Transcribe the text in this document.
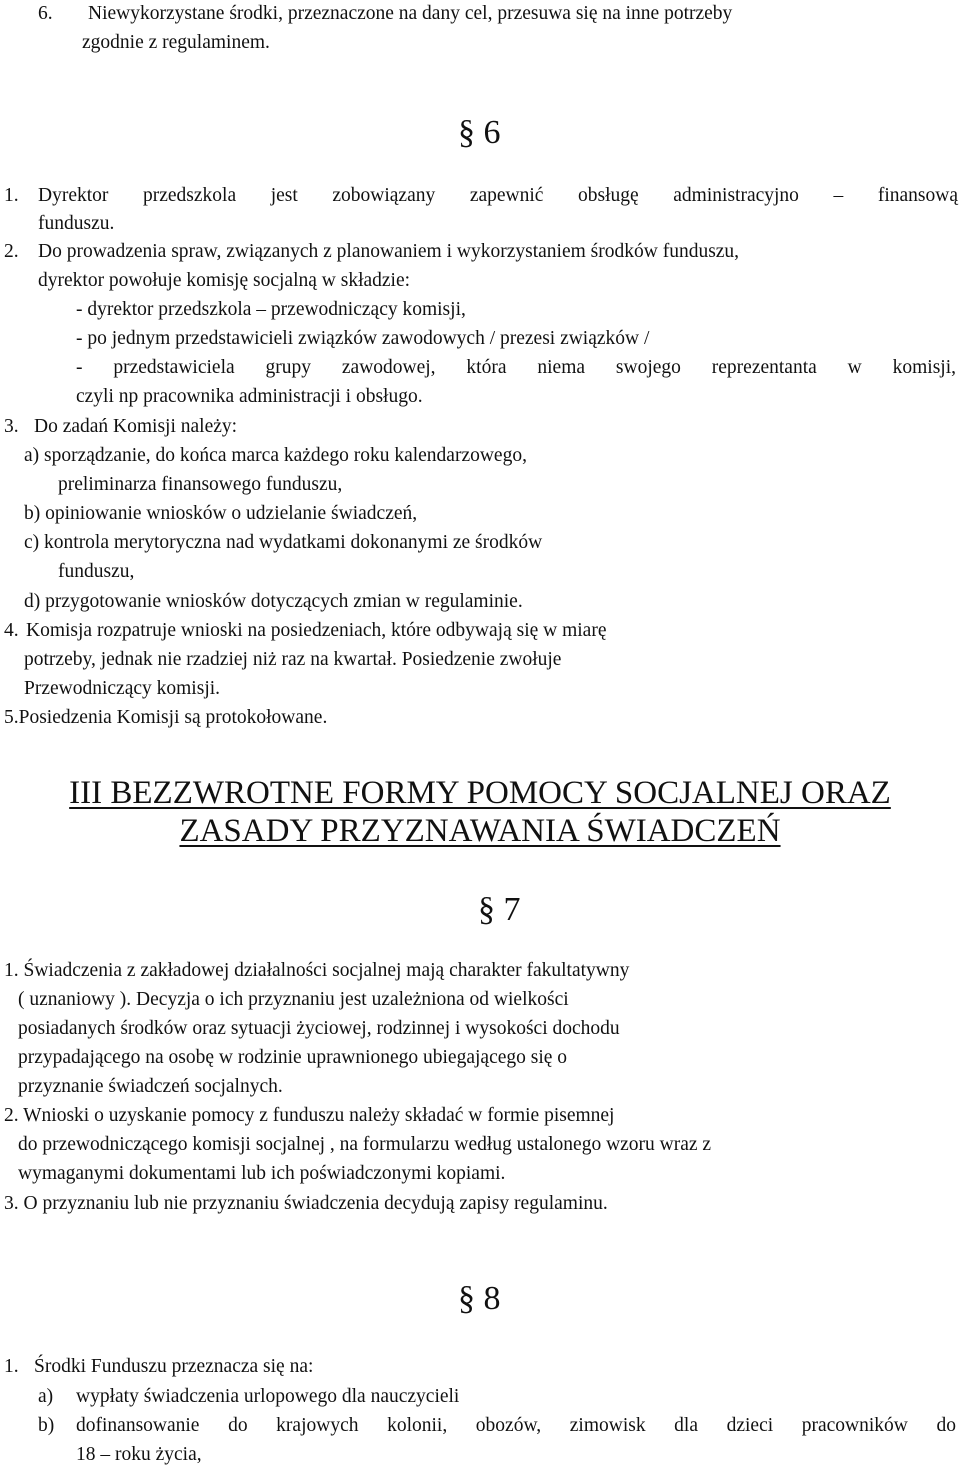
6. Niewykorzystane środki, przeznaczone na dany cel, przesuwa się na inne potrzeby
zgodnie z regulaminem.
§ 6
1. Dyrektor przedszkola jest zobowiązany zapewnić obsługę administracyjno – finansową
funduszu.
2. Do prowadzenia spraw, związanych z planowaniem i wykorzystaniem środków funduszu,
dyrektor powołuje komisję socjalną w składzie:
- dyrektor przedszkola – przewodniczący komisji,
- po jednym przedstawicieli związków zawodowych / prezesi związków /
- przedstawiciela grupy zawodowej, która niema swojego reprezentanta w komisji,
czyli np pracownika administracji i obsługo.
3. Do zadań Komisji należy:
a) sporządzanie, do końca marca każdego roku kalendarzowego,
preliminarza finansowego funduszu,
b) opiniowanie wniosków o udzielanie świadczeń,
c) kontrola merytoryczna nad wydatkami dokonanymi ze środków
funduszu,
d) przygotowanie wniosków dotyczących zmian w regulaminie.
4. Komisja rozpatruje wnioski na posiedzeniach, które odbywają się w miarę
potrzeby, jednak nie rzadziej niż raz na kwartał. Posiedzenie zwołuje
Przewodniczący komisji.
5.Posiedzenia Komisji są protokołowane.
III BEZZWROTNE FORMY POMOCY SOCJALNEJ ORAZ
ZASADY PRZYZNAWANIA ŚWIADCZEŃ
§ 7
1. Świadczenia z zakładowej działalności socjalnej mają charakter fakultatywny
( uznaniowy ). Decyzja o ich przyznaniu jest uzależniona od wielkości
posiadanych środków oraz sytuacji życiowej, rodzinnej i wysokości dochodu
przypadającego na osobę w rodzinie uprawnionego ubiegającego się o
przyznanie świadczeń socjalnych.
2. Wnioski o uzyskanie pomocy z funduszu należy składać w formie pisemnej
do przewodniczącego komisji socjalnej , na formularzu według ustalonego wzoru wraz z
wymaganymi dokumentami lub ich poświadczonymi kopiami.
3. O przyznaniu lub nie przyznaniu świadczenia decydują zapisy regulaminu.
§ 8
1. Środki Funduszu przeznacza się na:
a) wypłaty świadczenia urlopowego dla nauczycieli
b) dofinansowanie do krajowych kolonii, obozów, zimowisk dla dzieci pracowników do
18 – roku życia,
